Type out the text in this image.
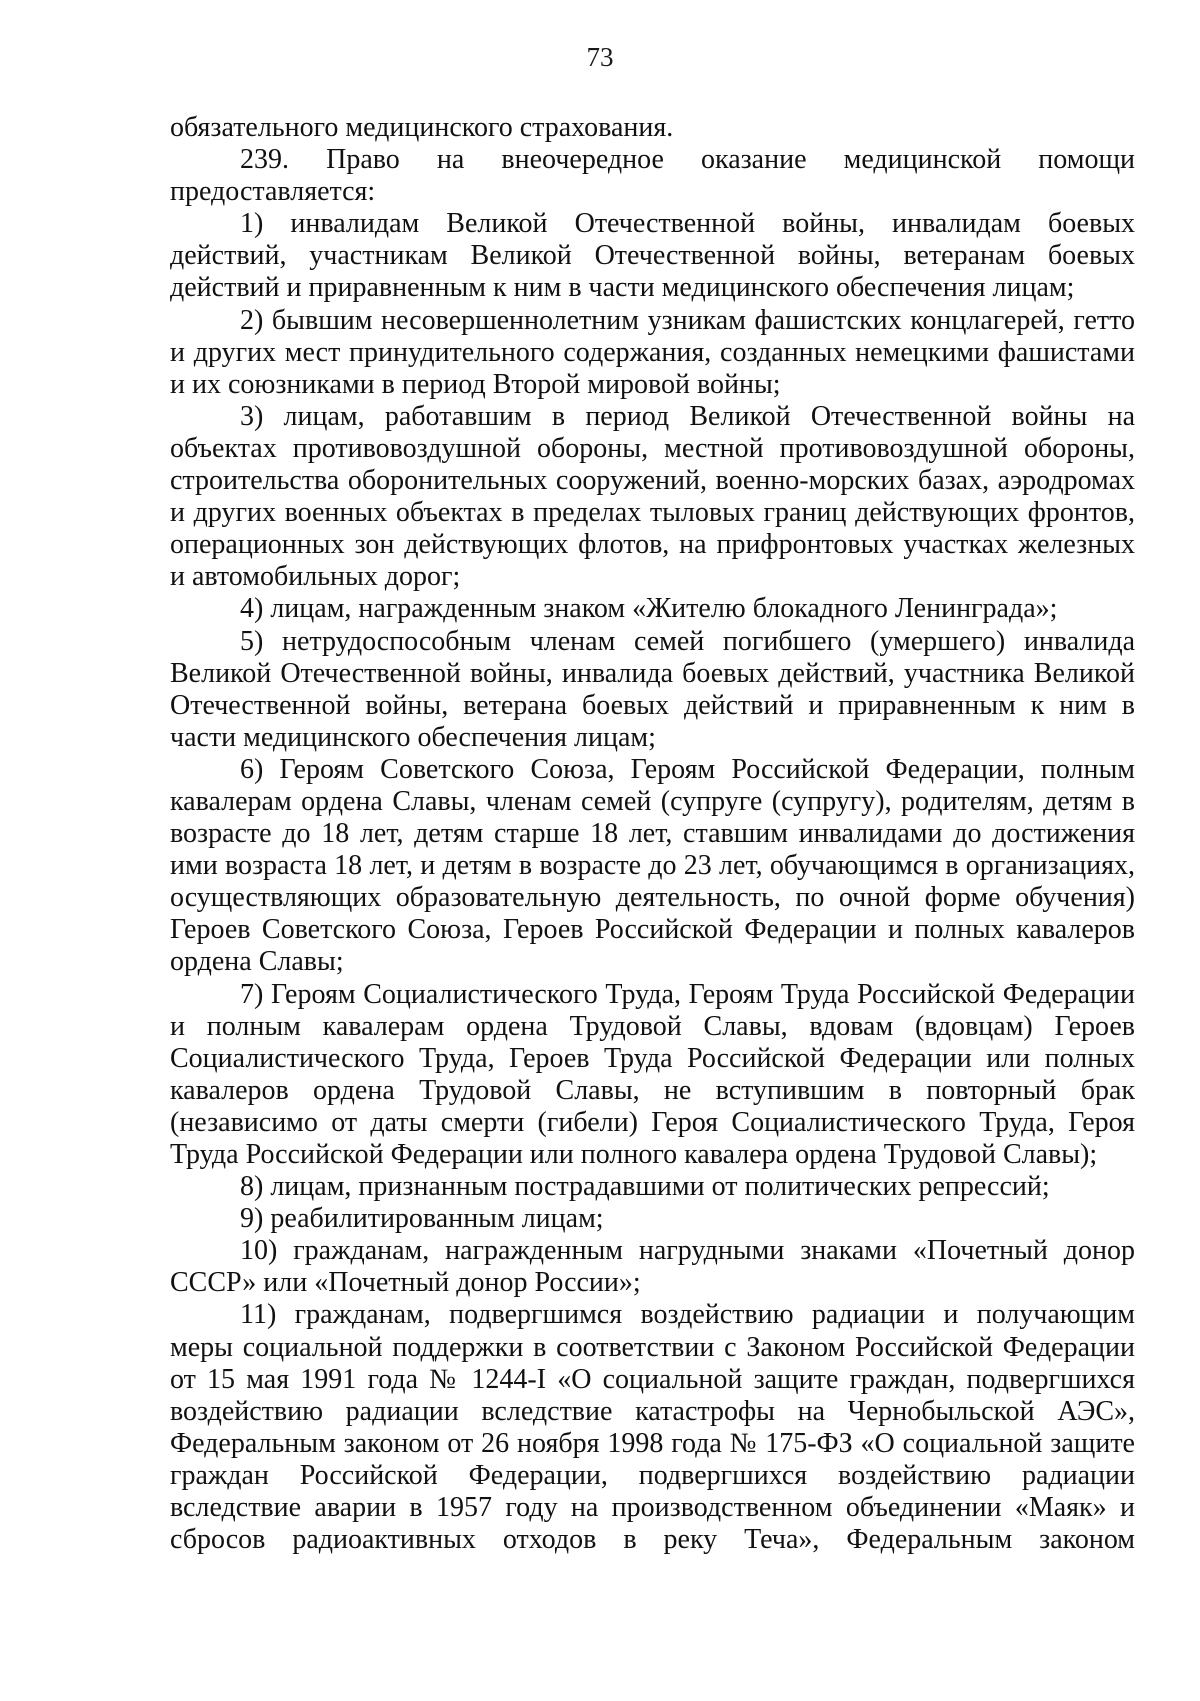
73

обязательного медицинского страхования.

239. Право на внеочередное оказание медицинской помощи предоставляется:

1) инвалидам Великой Отечественной войны, инвалидам боевых действий, участникам Великой Отечественной войны, ветеранам боевых действий и приравненным к ним в части медицинского обеспечения лицам;

2) бывшим несовершеннолетним узникам фашистских концлагерей, гетто и других мест принудительного содержания, созданных немецкими фашистами и их союзниками в период Второй мировой войны;

3) лицам, работавшим в период Великой Отечественной войны на объектах противовоздушной обороны, местной противовоздушной обороны, строительства оборонительных сооружений, военно-морских базах, аэродромах и других военных объектах в пределах тыловых границ действующих фронтов, операционных зон действующих флотов, на прифронтовых участках железных и автомобильных дорог;

4) лицам, награжденным знаком «Жителю блокадного Ленинграда»;

5) нетрудоспособным членам семей погибшего (умершего) инвалида Великой Отечественной войны, инвалида боевых действий, участника Великой Отечественной войны, ветерана боевых действий и приравненным к ним в части медицинского обеспечения лицам;

6) Героям Советского Союза, Героям Российской Федерации, полным кавалерам ордена Славы, членам семей (супруге (супругу), родителям, детям в возрасте до 18 лет, детям старше 18 лет, ставшим инвалидами до достижения ими возраста 18 лет, и детям в возрасте до 23 лет, обучающимся в организациях, осуществляющих образовательную деятельность, по очной форме обучения) Героев Советского Союза, Героев Российской Федерации и полных кавалеров ордена Славы;

7) Героям Социалистического Труда, Героям Труда Российской Федерации и полным кавалерам ордена Трудовой Славы, вдовам (вдовцам) Героев Социалистического Труда, Героев Труда Российской Федерации или полных кавалеров ордена Трудовой Славы, не вступившим в повторный брак (независимо от даты смерти (гибели) Героя Социалистического Труда, Героя Труда Российской Федерации или полного кавалера ордена Трудовой Славы);

8) лицам, признанным пострадавшими от политических репрессий;

9) реабилитированным лицам;

10) гражданам, награжденным нагрудными знаками «Почетный донор СССР» или «Почетный донор России»;

11) гражданам, подвергшимся воздействию радиации и получающим меры социальной поддержки в соответствии с Законом Российской Федерации от 15 мая 1991 года № 1244-I «О социальной защите граждан, подвергшихся воздействию радиации вследствие катастрофы на Чернобыльской АЭС», Федеральным законом от 26 ноября 1998 года № 175-ФЗ «О социальной защите граждан Российской Федерации, подвергшихся воздействию радиации вследствие аварии в 1957 году на производственном объединении «Маяк» и сбросов радиоактивных отходов в реку Теча», Федеральным законом
